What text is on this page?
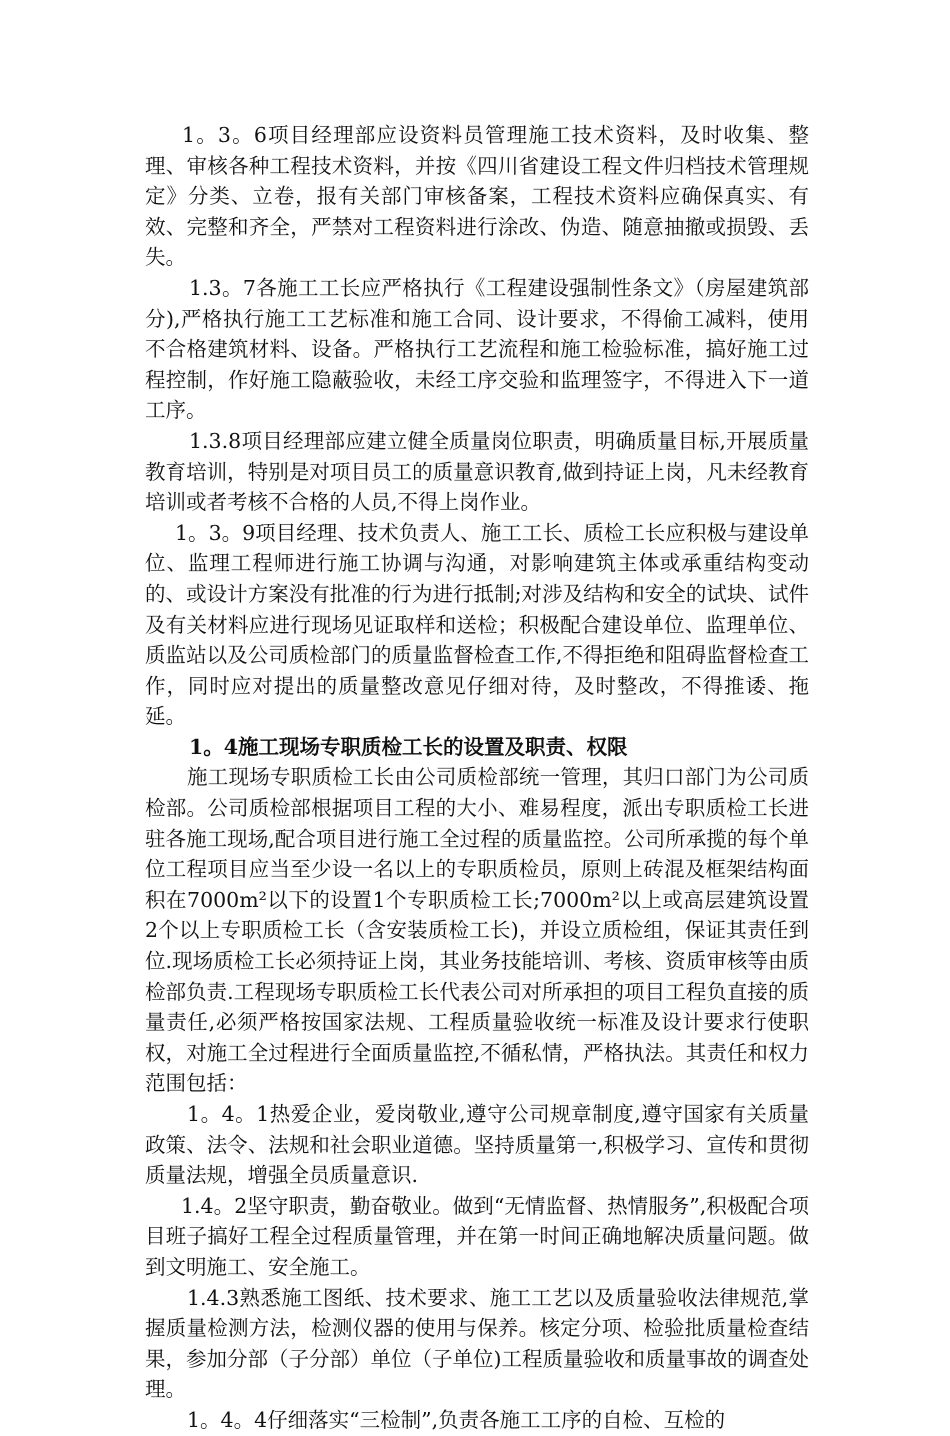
1。3。6项目经理部应设资料员管理施工技术资料，及时收集、整理、审核各种工程技术资料，并按《四川省建设工程文件归档技术管理规定》分类、立卷，报有关部门审核备案，工程技术资料应确保真实、有效、完整和齐全，严禁对工程资料进行涂改、伪造、随意抽撤或损毁、丢失。

1.3。7各施工工长应严格执行《工程建设强制性条文》（房屋建筑部分),严格执行施工工艺标准和施工合同、设计要求，不得偷工减料，使用不合格建筑材料、设备。严格执行工艺流程和施工检验标准，搞好施工过程控制，作好施工隐蔽验收，未经工序交验和监理签字，不得进入下一道工序。

1.3.8项目经理部应建立健全质量岗位职责，明确质量目标,开展质量教育培训，特别是对项目员工的质量意识教育,做到持证上岗，凡未经教育培训或者考核不合格的人员,不得上岗作业。

1。3。9项目经理、技术负责人、施工工长、质检工长应积极与建设单位、监理工程师进行施工协调与沟通，对影响建筑主体或承重结构变动的、或设计方案没有批准的行为进行抵制;对涉及结构和安全的试块、试件及有关材料应进行现场见证取样和送检；积极配合建设单位、监理单位、质监站以及公司质检部门的质量监督检查工作,不得拒绝和阻碍监督检查工作，同时应对提出的质量整改意见仔细对待，及时整改，不得推诿、拖延。

1。4施工现场专职质检工长的设置及职责、权限

施工现场专职质检工长由公司质检部统一管理，其归口部门为公司质检部。公司质检部根据项目工程的大小、难易程度，派出专职质检工长进驻各施工现场,配合项目进行施工全过程的质量监控。公司所承揽的每个单位工程项目应当至少设一名以上的专职质检员，原则上砖混及框架结构面积在7000m²以下的设置1个专职质检工长;7000m²以上或高层建筑设置2个以上专职质检工长（含安装质检工长)，并设立质检组，保证其责任到位.现场质检工长必须持证上岗，其业务技能培训、考核、资质审核等由质检部负责.工程现场专职质检工长代表公司对所承担的项目工程负直接的质量责任,必须严格按国家法规、工程质量验收统一标准及设计要求行使职权，对施工全过程进行全面质量监控,不循私情，严格执法。其责任和权力范围包括：

1。4。1热爱企业，爱岗敬业,遵守公司规章制度,遵守国家有关质量政策、法令、法规和社会职业道德。坚持质量第一,积极学习、宣传和贯彻质量法规，增强全员质量意识.

1.4。2坚守职责，勤奋敬业。做到“无情监督、热情服务”,积极配合项目班子搞好工程全过程质量管理，并在第一时间正确地解决质量问题。做到文明施工、安全施工。

1.4.3熟悉施工图纸、技术要求、施工工艺以及质量验收法律规范,掌握质量检测方法，检测仪器的使用与保养。核定分项、检验批质量检查结果，参加分部（子分部）单位（子单位)工程质量验收和质量事故的调查处理。

1。4。4仔细落实“三检制”,负责各施工工序的自检、互检的
